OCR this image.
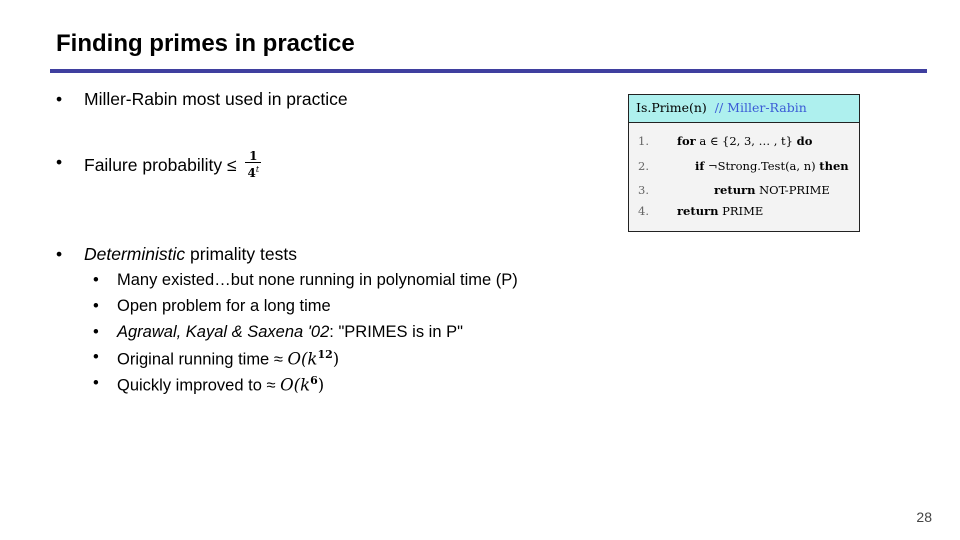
Finding primes in practice
• Miller-Rabin most used in practice
• Failure probability ≤ $\frac{1}{4^t}$
• Deterministic primality tests
• Many existed…but none running in polynomial time (P)
• Open problem for a long time
• Agrawal, Kayal & Saxena '02: "PRIMES is in P"
• Original running time ≈ $O(k^{12})$
• Quickly improved to ≈ $O(k^6)$
Is.Prime(n) // Miller-Rabin
1. for a ∈ {2, 3, … , t} do
2.	if ¬Strong.Test(a, n) then
3.	return NOT-PRIME
4. return PRIME
28
